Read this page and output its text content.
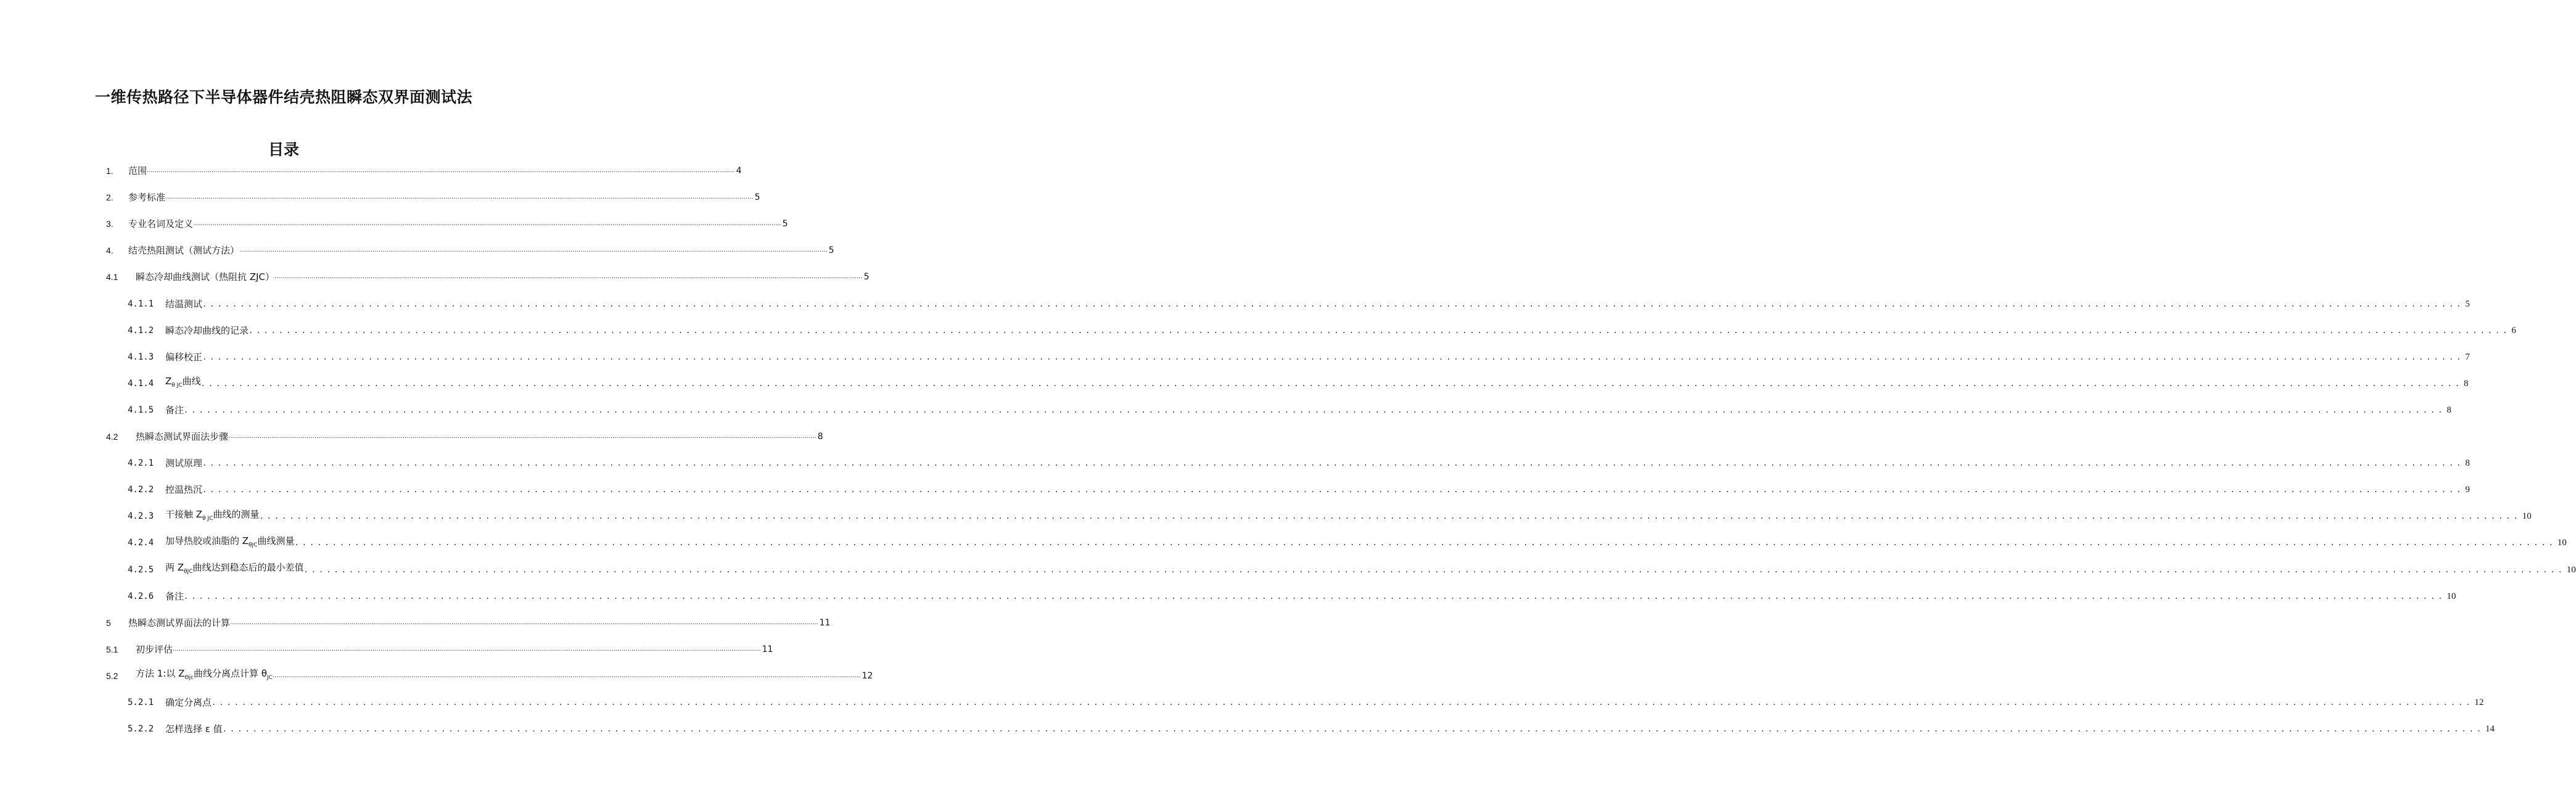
一维传热路径下半导体器件结壳热阻瞬态双界面测试法
目录
1. 范围 ............................................................................................................................................................................................................................................................................................................ 4
2. 参考标准 ............................................................................................................................................................................................................................................................................................................ 5
3. 专业名词及定义 ............................................................................................................................................................................................................................................................................................................ 5
4. 结壳热阻测试（测试方法） ............................................................................................................................................................................................................................................................................................................ 5
4.1 瞬态冷却曲线测试（热阻抗 ZJC） ............................................................................................................................................................................................................................................................................................................ 5
4.1.1 结温测试 ............................................................................................................................................................................................................................................................................................................ 5
4.1.2 瞬态冷却曲线的记录 ............................................................................................................................................................................................................................................................................................................ 6
4.1.3 偏移校正 ............................................................................................................................................................................................................................................................................................................ 7
4.1.4 $Z_{\theta JC}$曲线 ............................................................................................................................................................................................................................................................................................................ 8
4.1.5 备注 ............................................................................................................................................................................................................................................................................................................ 8
4.2 热瞬态测试界面法步骤 ............................................................................................................................................................................................................................................................................................................ 8
4.2.1 测试原理 ............................................................................................................................................................................................................................................................................................................ 8
4.2.2 控温热沉 ............................................................................................................................................................................................................................................................................................................ 9
4.2.3 干接触 $Z_{\theta JC}$曲线的测量 ............................................................................................................................................................................................................................................................................................................ 10
4.2.4 加导热胶或油脂的 $Z_{\theta JC}$曲线测量 ............................................................................................................................................................................................................................................................................................................ 10
4.2.5 两 $Z_{\theta JC}$曲线达到稳态后的最小差值 ............................................................................................................................................................................................................................................................................................................ 10
4.2.6 备注 ............................................................................................................................................................................................................................................................................................................ 10
5 热瞬态测试界面法的计算 ............................................................................................................................................................................................................................................................................................................ 11
5.1 初步评估 ............................................................................................................................................................................................................................................................................................................ 11
5.2 方法 1:以 $Z_{\Theta jc}$曲线分离点计算 $\theta_{JC}$ ............................................................................................................................................................................................................................................................................................................ 12
5.2.1 确定分离点 ............................................................................................................................................................................................................................................................................................................ 12
5.2.2 怎样选择 ε 值 ............................................................................................................................................................................................................................................................................................................ 14
